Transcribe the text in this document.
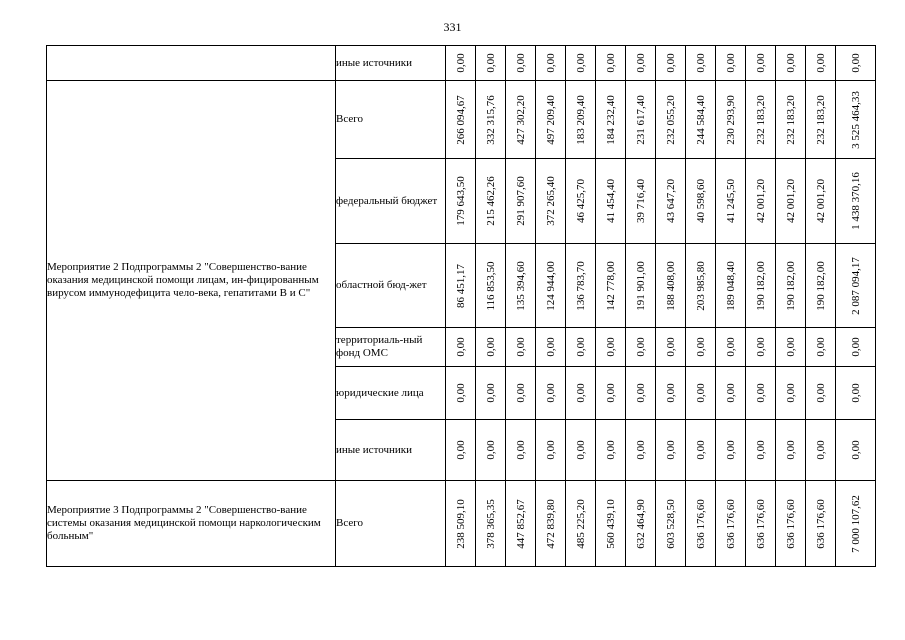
331
	иные источники	0,00	0,00	0,00	0,00	0,00	0,00	0,00	0,00	0,00	0,00	0,00	0,00	0,00	0,00

Мероприятие 2 Подпрограммы 2 "Совершенство-вание оказания медицинской помощи лицам, ин-фицированным вирусом иммунодефицита чело-века, гепатитами В и С"	Всего	266 094,67	332 315,76	427 302,20	497 209,40	183 209,40	184 232,40	231 617,40	232 055,20	244 584,40	230 293,90	232 183,20	232 183,20	232 183,20	3 525 464,33

	федеральный бюджет	179 643,50	215 462,26	291 907,60	372 265,40	46 425,70	41 454,40	39 716,40	43 647,20	40 598,60	41 245,50	42 001,20	42 001,20	42 001,20	1 438 370,16

	областной бюд-жет	86 451,17	116 853,50	135 394,60	124 944,00	136 783,70	142 778,00	191 901,00	188 408,00	203 985,80	189 048,40	190 182,00	190 182,00	190 182,00	2 087 094,17

	территориаль-ный фонд ОМС	0,00	0,00	0,00	0,00	0,00	0,00	0,00	0,00	0,00	0,00	0,00	0,00	0,00	0,00

	юридические лица	0,00	0,00	0,00	0,00	0,00	0,00	0,00	0,00	0,00	0,00	0,00	0,00	0,00	0,00

	иные источники	0,00	0,00	0,00	0,00	0,00	0,00	0,00	0,00	0,00	0,00	0,00	0,00	0,00	0,00

Мероприятие 3 Подпрограммы 2 "Совершенство-вание системы оказания медицинской помощи наркологическим больным"	Всего	238 509,10	378 365,35	447 852,67	472 839,80	485 225,20	560 439,10	632 464,90	603 528,50	636 176,60	636 176,60	636 176,60	636 176,60	636 176,60	7 000 107,62
